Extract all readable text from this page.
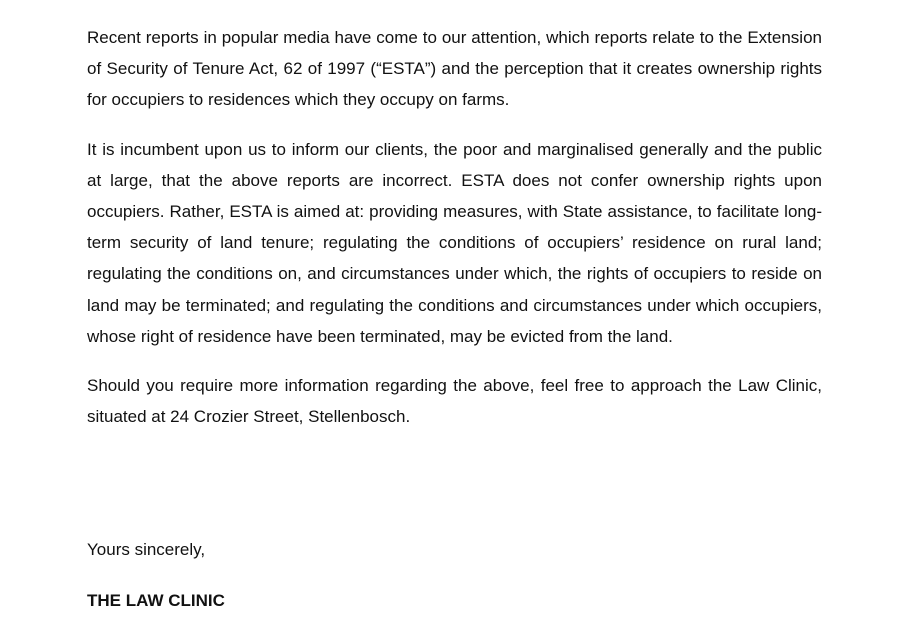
Recent reports in popular media have come to our attention, which reports relate to the Extension of Security of Tenure Act, 62 of 1997 (“ESTA”) and the perception that it creates ownership rights for occupiers to residences which they occupy on farms.

It is incumbent upon us to inform our clients, the poor and marginalised generally and the public at large, that the above reports are incorrect. ESTA does not confer ownership rights upon occupiers. Rather, ESTA is aimed at: providing measures, with State assistance, to facilitate long-term security of land tenure; regulating the conditions of occupiers’ residence on rural land; regulating the conditions on, and circumstances under which, the rights of occupiers to reside on land may be terminated; and regulating the conditions and circumstances under which occupiers, whose right of residence have been terminated, may be evicted from the land.

Should you require more information regarding the above, feel free to approach the Law Clinic, situated at 24 Crozier Street, Stellenbosch.

Yours sincerely,

THE LAW CLINIC
